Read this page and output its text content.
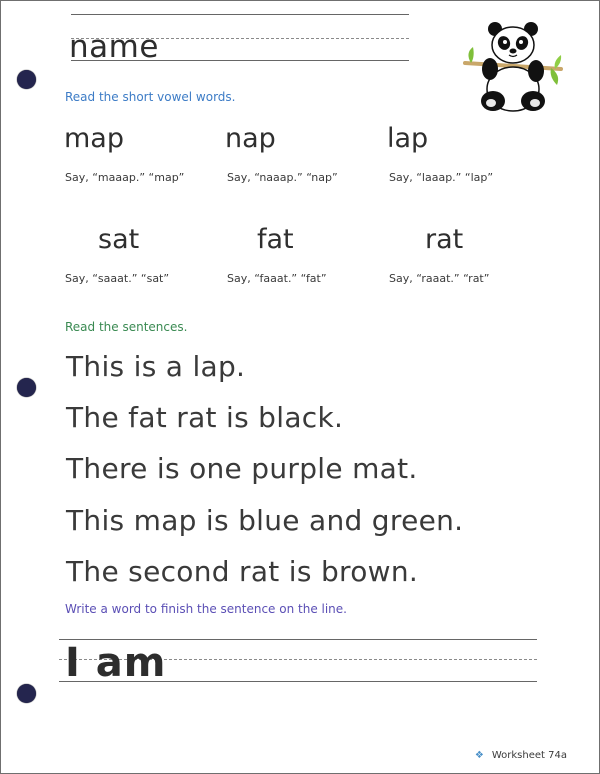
name
Read the short vowel words.
map
Say, “maaap.” “map”
nap
Say, “naaap.” “nap”
lap
Say, “laaap.” “lap”
sat
Say, “saaat.” “sat”
fat
Say, “faaat.” “fat”
rat
Say, “raaat.” “rat”
Read the sentences.
This is a lap.
The fat rat is black.
There is one purple mat.
This map is blue and green.
The second rat is brown.
Write a word to finish the sentence on the line.
I am
❖ Worksheet 74a
